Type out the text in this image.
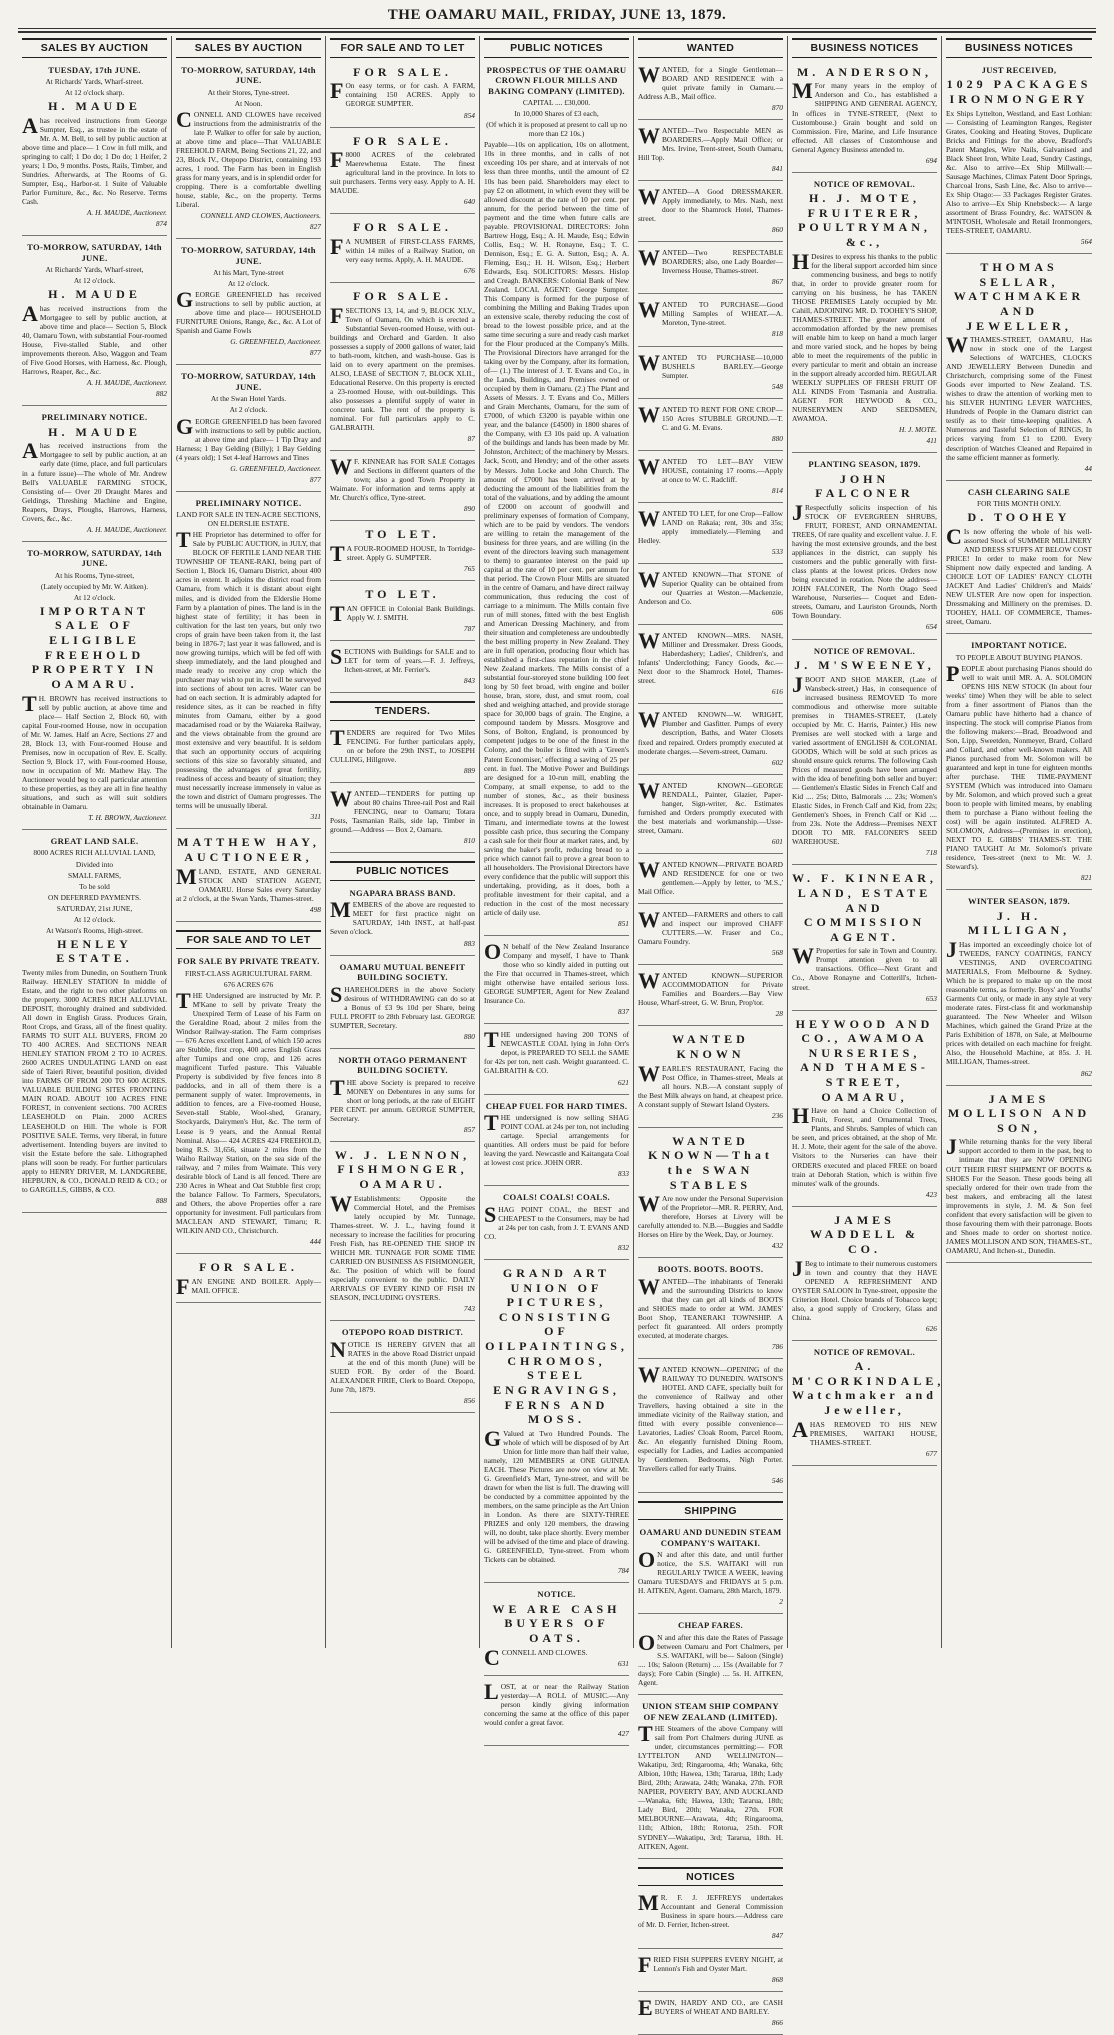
THE OAMARU MAIL, FRIDAY, JUNE 13, 1879.
SALES BY AUCTION

TUESDAY, 17th JUNE.

At Richards' Yards, Wharf-street.

At 12 o'clock sharp.

H. MAUDE

Ahas received instructions from George Sumpter, Esq., as trustee in the estate of Mr. A. M. Bell, to sell by public auction at above time and place— 1 Cow in full milk, and springing to calf; 1 Do do; 1 Do do; 1 Heifer, 2 years; 1 Do, 9 months. Posts, Rails, Timber, and Sundries. Afterwards, at The Rooms of G. Sumpter, Esq., Harbor-st. 1 Suite of Valuable Parlor Furniture, &c., &c. No Reserve. Terms Cash.

A. H. MAUDE, Auctioneer.

874

TO-MORROW, SATURDAY, 14th JUNE.

At Richards' Yards, Wharf-street,

At 12 o'clock.

H. MAUDE

Ahas received instructions from the Mortgagee to sell by public auction, at above time and place— Section 5, Block 40, Oamaru Town, with substantial Four-roomed House, Five-stalled Stable, and other improvements thereon. Also, Waggon and Team of Five Good Horses, with Harness, &c. Plough, Harrows, Reaper, &c., &c.

A. H. MAUDE, Auctioneer.

882

PRELIMINARY NOTICE.

H. MAUDE

Ahas received instructions from the Mortgagee to sell by public auction, at an early date (time, place, and full particulars in a future issue)—The whole of Mr. Andrew Bell's VALUABLE FARMING STOCK, Consisting of— Over 20 Draught Mares and Geldings, Threshing Machine and Engine, Reapers, Drays, Ploughs, Harrows, Harness, Covers, &c., &c.

A. H. MAUDE, Auctioneer.

TO-MORROW, SATURDAY, 14th JUNE.

At his Rooms, Tyne-street,

(Lately occupied by Mr. W. Aitken).

At 12 o'clock.

IMPORTANT SALE OF ELIGIBLE FREEHOLD PROPERTY IN OAMARU.

T H. BROWN has received instructions to sell by public auction, at above time and place— Half Section 2, Block 60, with capital Four-roomed House, now in occupation of Mr. W. James. Half an Acre, Sections 27 and 28, Block 13, with Four-roomed House and Premises, now in occupation of Rev. E. Scally. Section 9, Block 17, with Four-roomed House, now in occupation of Mr. Mathew Hay. The Auctioneer would beg to call particular attention to these properties, as they are all in fine healthy situations, and such as will suit soldiers obtainable in Oamaru.

T. H. BROWN, Auctioneer.

GREAT LAND SALE.

8000 ACRES RICH ALLUVIAL LAND,

Divided into

SMALL FARMS,

To be sold

ON DEFERRED PAYMENTS.

SATURDAY, 21st JUNE,

At 12 o'clock.

At Watson's Rooms, High-street.

HENLEY ESTATE.

Twenty miles from Dunedin, on Southern Trunk Railway. HENLEY STATION In middle of Estate, and the right to two other platforms on the property. 3000 ACRES RICH ALLUVIAL DEPOSIT, thoroughly drained and subdivided. All down in English Grass. Produces Grain, Root Crops, and Grass, all of the finest quality. FARMS TO SUIT ALL BUYERS, FROM 20 TO 400 ACRES. And SECTIONS NEAR HENLEY STATION FROM 2 TO 10 ACRES. 2600 ACRES UNDULATING LAND on east side of Taieri River, beautiful position, divided into FARMS OF FROM 200 TO 600 ACRES. VALUABLE BUILDING SITES FRONTING MAIN ROAD. ABOUT 100 ACRES FINE FOREST, in convenient sections. 700 ACRES LEASEHOLD on Plain. 2000 ACRES LEASEHOLD on Hill. The whole is FOR POSITIVE SALE. Terms, very liberal, in future advertisement. Intending buyers are invited to visit the Estate before the sale. Lithographed plans will soon be ready. For further particulars apply to HENRY DRIVER, M. LANDGREBE, HEPBURN, & CO., DONALD REID & CO.; or to GARGILLS, GIBBS, & CO.

888

SALES BY AUCTION

TO-MORROW, SATURDAY, 14th JUNE.

At their Stores, Tyne-street.

At Noon.

CONNELL AND CLOWES have received instructions from the administratrix of the late P. Walker to offer for sale by auction, at above time and place—That VALUABLE FREEHOLD FARM, Being Sections 21, 22, and 23, Block IV., Otepopo District, containing 193 acres, 1 rood. The Farm has been in English grass for many years, and is in splendid order for cropping. There is a comfortable dwelling house, stable, &c., on the property. Terms Liberal.

CONNELL AND CLOWES, Auctioneers.

827

TO-MORROW, SATURDAY, 14th JUNE.

At his Mart, Tyne-street

At 12 o'clock.

GEORGE GREENFIELD has received instructions to sell by public auction, at above time and place— HOUSEHOLD FURNITURE Onions, Range, &c., &c. A Lot of Spanish and Game Fowls

G. GREENFIELD, Auctioneer.

877

TO-MORROW, SATURDAY, 14th JUNE.

At the Swan Hotel Yards.

At 2 o'clock.

GEORGE GREENFIELD has been favored with instructions to sell by public auction, at above time and place— 1 Tip Dray and Harness; 1 Bay Gelding (Billy); 1 Bay Gelding (4 years old); 1 Set 4-leaf Harrows and Tines

G. GREENFIELD, Auctioneer.

877

PRELIMINARY NOTICE.

LAND FOR SALE IN TEN-ACRE SECTIONS, ON ELDERSLIE ESTATE.

THE Proprietor has determined to offer for Sale by PUBLIC AUCTION, in JULY, that BLOCK OF FERTILE LAND NEAR THE TOWNSHIP OF TEANE-RAKI, being part of Section 1, Block 16, Oamaru District, about 400 acres in extent. It adjoins the district road from Oamaru, from which it is distant about eight miles, and is divided from the Elderslie Home Farm by a plantation of pines. The land is in the highest state of fertility; it has been in cultivation for the last ten years, but only two crops of grain have been taken from it, the last being in 1876-7; last year it was fallowed, and is now growing turnips, which will be fed off with sheep immediately, and the land ploughed and made ready to receive any crop which the purchaser may wish to put in. It will be surveyed into sections of about ten acres. Water can be had on each section. It is admirably adapted for residence sites, as it can be reached in fifty minutes from Oamaru, either by a good macadamised road or by the Waiareka Railway, and the views obtainable from the ground are most extensive and very beautiful. It is seldom that such an opportunity occurs of acquiring sections of this size so favorably situated, and possessing the advantages of great fertility, readiness of access and beauty of situation; they must necessarily increase immensely in value as the town and district of Oamaru progresses. The terms will be unusually liberal.

311

MATTHEW HAY, AUCTIONEER,

MLAND, ESTATE, AND GENERAL STOCK AND STATION AGENT, OAMARU. Horse Sales every Saturday at 2 o'clock, at the Swan Yards, Thames-street.

498

FOR SALE AND TO LET

FOR SALE BY PRIVATE TREATY.

FIRST-CLASS AGRICULTURAL FARM.

676 ACRES 676

THE Undersigned are instructed by Mr. P. M'Kane to sell by private Treaty the Unexpired Term of Lease of his Farm on the Geraldine Road, about 2 miles from the Windsor Railway-station. The Farm comprises— 676 Acres excellent Land, of which 150 acres are Stubble, first crop, 400 acres English Grass after Turnips and one crop, and 126 acres magnificent Turfed pasture. This Valuable Property is subdivided by five fences into 8 paddocks, and in all of them there is a permanent supply of water. Improvements, in addition to fences, are a Five-roomed House, Seven-stall Stable, Wool-shed, Granary, Stockyards, Dairymen's Hut, &c. The term of Lease is 9 years, and the Annual Rental Nominal. Also— 424 ACRES 424 FREEHOLD, being R.S. 31,656, situate 2 miles from the Waiho Railway Station, on the sea side of the railway, and 7 miles from Waimate. This very desirable block of Land is all fenced. There are 230 Acres in Wheat and Oat Stubble first crop; the balance Fallow. To Farmers, Speculators, and Others, the above Properties offer a rare opportunity for investment. Full particulars from MACLEAN AND STEWART, Timaru; R. WILKIN AND CO., Christchurch.

444

FOR SALE.

FAN ENGINE AND BOILER. Apply— MAIL OFFICE.

FOR SALE AND TO LET

FOR SALE.

F On easy terms, or for cash. A FARM, containing 150 ACRES. Apply to GEORGE SUMPTER.

854

FOR SALE.

F 8000 ACRES of the celebrated Maerewhenua Estate. The finest agricultural land in the province. In lots to suit purchasers. Terms very easy. Apply to A. H. MAUDE.

640

FOR SALE.

F A NUMBER of FIRST-CLASS FARMS, within 14 miles of a Railway Station, on very easy terms. Apply, A. H. MAUDE.

676

FOR SALE.

FSECTIONS 13, 14, and 9, BLOCK XLV., Town of Oamaru, On which is erected a Substantial Seven-roomed House, with out-buildings and Orchard and Garden. It also possesses a supply of 2000 gallons of water, laid to bath-room, kitchen, and wash-house. Gas is laid on to every apartment on the premises. ALSO, LEASE of SECTION 7, BLOCK XLII., Educational Reserve. On this property is erected a 23-roomed House, with out-buildings. This also possesses a plentiful supply of water in concrete tank. The rent of the property is nominal. For full particulars apply to C. GALBRAITH.

87

W F. KINNEAR has FOR SALE Cottages and Sections in different quarters of the town; also a good Town Property in Waimate. For information and terms apply at Mr. Church's office, Tyne-street.

890

TO LET.

T A FOUR-ROOMED HOUSE, In Torridge-street. Apply G. SUMPTER.

765

TO LET.

TAN OFFICE in Colonial Bank Buildings. Apply W. J. SMITH.

787

SECTIONS with Buildings for SALE and to LET for term of years.—F. J. Jeffreys, Itchen-street, at Mr. Ferrier's.

843

TENDERS.

TENDERS are required for Two Miles FENCING. For further particulars apply, on or before the 29th INST., to JOSEPH CULLING, Hillgrove.

889

WANTED—TENDERS for putting up about 80 chains Three-rail Post and Rail FENCING, near to Oamaru; Totara Posts, Tasmanian Rails, side lap, Timber in ground.—Address — Box 2, Oamaru.

810

PUBLIC NOTICES

NGAPARA BRASS BAND.

MEMBERS of the above are requested to MEET for first practice night on SATURDAY, 14th INST., at half-past Seven o'clock.

883

OAMARU MUTUAL BENEFIT BUILDING SOCIETY.

SHAREHOLDERS in the above Society desirous of WITHDRAWING can do so at a Bonus of £3 9s 10d per Share, being FULL PROFIT to 28th February last. GEORGE SUMPTER, Secretary.

880

NORTH OTAGO PERMANENT BUILDING SOCIETY.

THE above Society is prepared to receive MONEY on Debentures in any sums for short or long periods, at the rate of EIGHT PER CENT. per annum. GEORGE SUMPTER, Secretary.

857

W. J. LENNON, FISHMONGER, OAMARU.

W Establishments: Opposite the Commercial Hotel, and the Premises lately occupied by Mr. Tunnage, Thames-street. W. J. L., having found it necessary to increase the facilities for procuring Fresh Fish, has RE-OPENED THE SHOP IN WHICH MR. TUNNAGE FOR SOME TIME CARRIED ON BUSINESS AS FISHMONGER, &c. The position of which will be found especially convenient to the public. DAILY ARRIVALS OF EVERY KIND OF FISH IN SEASON, INCLUDING OYSTERS.

743

OTEPOPO ROAD DISTRICT.

NOTICE IS HEREBY GIVEN that all RATES in the above Road District unpaid at the end of this month (June) will be SUED FOR. By order of the Board. ALEXANDER FIRIE, Clerk to Board. Otepopo, June 7th, 1879.

856

PUBLIC NOTICES

PROSPECTUS OF THE OAMARU CROWN FLOUR MILLS AND BAKING COMPANY (LIMITED).

CAPITAL .... £30,000.

In 10,000 Shares of £3 each,

(Of which it is proposed at present to call up no more than £2 10s.)

Payable—10s on application, 10s on allotment, 10s in three months, and in calls of not exceeding 10s per share, and at intervals of not less than three months, until the amount of £2 10s has been paid. Shareholders may elect to pay £2 on allotment, in which event they will be allowed discount at the rate of 10 per cent. per annum, for the period between the time of payment and the time when future calls are payable. PROVISIONAL DIRECTORS: John Bartrew Hogg, Esq.; A. H. Maude, Esq.; Edwin Collis, Esq.; W. H. Ronayne, Esq.; T. C. Dennison, Esq.; E. G. A. Sutton, Esq.; A. A. Fleming, Esq.; H. H. Wilson, Esq.; Herbert Edwards, Esq. SOLICITORS: Messrs. Hislop and Creagh. BANKERS: Colonial Bank of New Zealand. LOCAL AGENT: George Sumpter. This Company is formed for the purpose of combining the Milling and Baking Trades upon an extensive scale, thereby reducing the cost of bread to the lowest possible price, and at the same time securing a sure and ready cash market for the Flour produced at the Company's Mills. The Provisional Directors have arranged for the taking over by the Company, after its formation, of— (1.) The interest of J. T. Evans and Co., in the Lands, Buildings, and Premises owned or occupied by them in Oamaru. (2.) The Plant and Assets of Messrs. J. T. Evans and Co., Millers and Grain Merchants, Oamaru, for the sum of £7000, of which £3200 is payable within one year, and the balance (£4500) in 1800 shares of the Company, with £3 10s paid up. A valuation of the buildings and lands has been made by Mr. Johnston, Architect; of the machinery by Messrs. Jack, Scott, and Hendry; and of the other assets by Messrs. John Locke and John Church. The amount of £7000 has been arrived at by deducting the amount of the liabilities from the total of the valuations, and by adding the amount of £2000 on account of goodwill and preliminary expenses of formation of Company, which are to be paid by vendors. The vendors are willing to retain the management of the business for three years, and are willing (in the event of the directors leaving such management to them) to guarantee interest on the paid up capital at the rate of 10 per cent. per annum for that period. The Crown Flour Mills are situated in the centre of Oamaru, and have direct railway communication, thus reducing the cost of carriage to a minimum. The Mills contain five run of mill stones, fitted with the best English and American Dressing Machinery, and from their situation and completeness are undoubtedly the best milling property in New Zealand. They are in full operation, producing flour which has established a first-class reputation in the chief New Zealand markets. The Mills consist of a substantial four-storeyed stone building 100 feet long by 50 feet broad, with engine and boiler house, bran, store, dust, and smut room, coal shed and weighing attached, and provide storage space for 30,000 bags of grain. The Engine, a compound tandem by Messrs. Mosgrove and Sons, of Bolton, England, is pronounced by competent judges to be one of the finest in the Colony, and the boiler is fitted with a 'Green's Patent Economiser,' effecting a saving of 25 per cent. in fuel. The Motive Power and Buildings are designed for a 10-run mill, enabling the Company, at small expense, to add to the number of stones, &c., as their business increases. It is proposed to erect bakehouses at once, and to supply bread in Oamaru, Dunedin, Timaru, and intermediate towns at the lowest possible cash price, thus securing the Company a cash sale for their flour at market rates, and, by saving the baker's profit, reducing bread to a price which cannot fail to prove a great boon to all householders. The Provisional Directors have every confidence that the public will support this undertaking, providing, as it does, both a profitable investment for their capital, and a reduction in the cost of the most necessary article of daily use.

851

O N behalf of the New Zealand Insurance Company and myself, I have to Thank those who so kindly aided in putting out the Fire that occurred in Thames-street, which might otherwise have entailed serious loss. GEORGE SUMPTER, Agent for New Zealand Insurance Co.

837

THE undersigned having 200 TONS of NEWCASTLE COAL lying in John Orr's depot, is PREPARED TO SELL the SAME for 42s per ton, nett cash. Weight guaranteed. C. GALBRAITH & CO.

621

CHEAP FUEL FOR HARD TIMES.

THE undersigned is now selling SHAG POINT COAL at 24s per ton, not including cartage. Special arrangements for quantities. All orders must be paid for before leaving the yard. Newcastle and Kaitangata Coal at lowest cost price. JOHN ORR.

833

COALS! COALS! COALS.

SHAG POINT COAL, the BEST and CHEAPEST to the Consumers, may be had at 24s per ton cash, from J. T. EVANS AND CO.

832

GRAND ART UNION OF PICTURES, CONSISTING OF OILPAINTINGS, CHROMOS, STEEL ENGRAVINGS, FERNS AND MOSS.

G Valued at Two Hundred Pounds. The whole of which will be disposed of by Art Union for little more than half their value, namely, 120 MEMBERS at ONE GUINEA EACH. These Pictures are now on view at Mr. G. Greenfield's Mart, Tyne-street, and will be drawn for when the list is full. The drawing will be conducted by a committee appointed by the members, on the same principle as the Art Union in London. As there are SIXTY-THREE PRIZES and only 120 members, the drawing will, no doubt, take place shortly. Every member will be advised of the time and place of drawing. G. GREENFIELD, Tyne-street. From whom Tickets can be obtained.

784

NOTICE.

WE ARE CASH BUYERS OF OATS.

CCONNELL AND CLOWES.

631

LOST, at or near the Railway Station yesterday—A ROLL of MUSIC.—Any person kindly giving information concerning the same at the office of this paper would confer a great favor.

427

WANTED

WANTED, for a Single Gentleman—BOARD AND RESIDENCE with a quiet private family in Oamaru.—Address A.B., Mail office.

870

WANTED—Two Respectable MEN as BOARDERS.—Apply Mail Office; or Mrs. Irvine, Trent-street, South Oamaru, Hill Top.

841

WANTED—A Good DRESSMAKER. Apply immediately, to Mrs. Nash, next door to the Shamrock Hotel, Thames-street.

860

WANTED—Two RESPECTABLE BOARDERS; also, one Lady Boarder—Inverness House, Thames-street.

867

WANTED TO PURCHASE—Good Milling Samples of WHEAT.—A. Moreton, Tyne-street.

818

WANTED TO PURCHASE—10,000 BUSHELS BARLEY.—George Sumpter.

548

WANTED TO RENT FOR ONE CROP—150 Acres STUBBLE GROUND.—T. C. and G. M. Evans.

880

WANTED TO LET—BAY VIEW HOUSE, containing 17 rooms.—Apply at once to W. C. Radcliff.

814

WANTED TO LET, for one Crop—Fallow LAND on Rakaia; rent, 30s and 35s; apply immediately.—Fleming and Hedley.

533

WANTED KNOWN—That STONE of Superior Quality can be obtained from our Quarries at Weston.—Mackenzie, Anderson and Co.

606

WANTED KNOWN—MRS. NASH, Milliner and Dressmaker. Dress Goods, Haberdashery; Ladies', Children's, and Infants' Underclothing; Fancy Goods, &c.—Next door to the Shamrock Hotel, Thames-street.

616

WANTED KNOWN—W. WRIGHT, Plumber and Gasfitter. Pumps of every description, Baths, and Water Closets fixed and repaired. Orders promptly executed at moderate charges.—Severn-street, Oamaru.

602

WANTED KNOWN—GEORGE RENDALL, Painter, Glazier, Paper-hanger, Sign-writer, &c. Estimates furnished and Orders promptly executed with the best materials and workmanship.—Usse-street, Oamaru.

601

WANTED KNOWN—PRIVATE BOARD AND RESIDENCE for one or two gentlemen.—Apply by letter, to 'M.S.,' Mail Office.

WANTED—FARMERS and others to call and inspect our improved CHAFF CUTTERS.—W. Fraser and Co., Oamaru Foundry.

568

WANTED KNOWN—SUPERIOR ACCOMMODATION for Private Families and Boarders.—Bay View House, Wharf-street, G. W. Brun, Prop'tor.

28

WANTED KNOWN

WEARLE'S RESTAURANT, Facing the Post Office, in Thames-street, Meals at all hours. N.B.—A constant supply of the Best Milk always on hand, at cheapest price. A constant supply of Stewart Island Oysters.

236

WANTED KNOWN—That the SWAN STABLES

W Are now under the Personal Supervision of the Proprietor—MR. R. PERRY, And, therefore, Horses at Livery will be carefully attended to. N.B.—Buggies and Saddle Horses on Hire by the Week, Day, or Journey.

432

BOOTS. BOOTS. BOOTS.

WANTED—The inhabitants of Teneraki and the surrounding Districts to know that they can get all kinds of BOOTS and SHOES made to order at WM. JAMES' Boot Shop, TEANERAKI TOWNSHIP. A perfect fit guaranteed. All orders promptly executed, at moderate charges.

786

WANTED KNOWN—OPENING of the RAILWAY TO DUNEDIN. WATSON'S HOTEL AND CAFE, specially built for the convenience of Railway and other Travellers, having obtained a site in the immediate vicinity of the Railway station, and fitted with every possible convenience—Lavatories, Ladies' Cloak Room, Parcel Room, &c. An elegantly furnished Dining Room, especially for Ladies, and Ladies accompanied by Gentlemen. Bedrooms, Nigh Porter. Travellers called for early Trains.

546

SHIPPING

OAMARU AND DUNEDIN STEAM COMPANY'S WAITAKI.

O N and after this date, and until further notice, the S.S. WAITAKI will run REGULARLY TWICE A WEEK, leaving Oamaru TUESDAYS and FRIDAYS at 5 p.m. H. AITKEN, Agent. Oamaru, 28th March, 1879.

2

CHEAP FARES.

O N and after this date the Rates of Passage between Oamaru and Port Chalmers, per S.S. WAITAKI, will be— Saloon (Single) .... 10s; Saloon (Return) .... 15s (Available for 7 days); Fore Cabin (Single) .... 5s. H. AITKEN, Agent.

UNION STEAM SHIP COMPANY OF NEW ZEALAND (LIMITED).

THE Steamers of the above Company will sail from Port Chalmers during JUNE as under, circumstances permitting:— FOR LYTTELTON AND WELLINGTON—Wakatipu, 3rd; Ringarooma, 4th; Wanaka, 6th; Albion, 10th; Hawea, 13th; Tararua, 18th; Lady Bird, 20th; Arawata, 24th; Wanaka, 27th. FOR NAPIER, POVERTY BAY, AND AUCKLAND—Wanaka, 6th; Hawea, 13th; Tararua, 18th; Lady Bird, 20th; Wanaka, 27th. FOR MELBOURNE—Arawata, 4th; Ringarooma, 11th; Albion, 18th; Rotorua, 25th. FOR SYDNEY—Wakatipu, 3rd; Tararua, 18th. H. AITKEN, Agent.

NOTICES

M R. F. J. JEFFREYS undertakes Accountant and General Commission Business in spare hours.—Address care of Mr. D. Ferrier, Itchen-street.

847

FRIED FISH SUPPERS EVERY NIGHT, at Lennon's Fish and Oyster Mart.

868

EDWIN, HARDY AND CO., are CASH BUYERS of WHEAT AND BARLEY.

866

BUSINESS NOTICES

M. ANDERSON,

M For many years in the employ of Anderson and Co., has established a SHIPPING AND GENERAL AGENCY, In offices in TYNE-STREET, (Next to Custombouse.) Grain bought and sold on Commission. Fire, Marine, and Life Insurance effected. All classes of Customhouse and General Agency Business attended to.

694

NOTICE OF REMOVAL.

H. J. MOTE, FRUITERER, POULTRYMAN, &c.,

H Desires to express his thanks to the public for the liberal support accorded him since commencing business, and begs to notify that, in order to provide greater room for carrying on his business, he has TAKEN THOSE PREMISES Lately occupied by Mr. Cahill, ADJOINING MR. D. TOOHEY'S SHOP, THAMES-STREET. The greater amount of accommodation afforded by the new premises will enable him to keep on hand a much larger and more varied stock, and he hopes by being able to meet the requirements of the public in every particular to merit and obtain an increase in the support already accorded him. REGULAR WEEKLY SUPPLIES OF FRESH FRUIT OF ALL KINDS From Tasmania and Australia. AGENT FOR HEYWOOD & CO., NURSERYMEN AND SEEDSMEN, AWAMOA.

H. J. MOTE.

411

PLANTING SEASON, 1879.

JOHN FALCONER

J Respectfully solicits inspection of his STOCK OF EVERGREEN SHRUBS, FRUIT, FOREST, AND ORNAMENTAL TREES, Of rare quality and excellent value. J. F. having the most extensive grounds, and the best appliances in the district, can supply his customers and the public generally with first-class plants at the lowest prices. Orders now being executed in rotation. Note the address— JOHN FALCONER, The North Otago Seed Warehouse, Nurseries— Coquet and Eden-streets, Oamaru, and Lauriston Grounds, North Town Boundary.

654

NOTICE OF REMOVAL.

J. M'SWEENEY,

JBOOT AND SHOE MAKER, (Late of Wansbeck-street,) Has, in consequence of increased business REMOVED To more commodious and otherwise more suitable premises in THAMES-STREET, (Lately occupied by Mr. C. Harris, Painter.) His new Premises are well stocked with a large and varied assortment of ENGLISH & COLONIAL GOODS, Which will be sold at such prices as should ensure quick returns. The following Cash Prices of measured goods have been arranged with the idea of benefiting both seller and buyer:— Gentlemen's Elastic Sides in French Calf and Kid .... 25s; Ditto, Balmorals .... 23s; Women's Elastic Sides, in French Calf and Kid, from 22s; Gentlemen's Shoes, in French Calf or Kid .... from 23s. Note the Address—Premises NEXT DOOR TO MR. FALCONER'S SEED WAREHOUSE.

718

W. F. KINNEAR, LAND, ESTATE AND COMMISSION AGENT.

W Properties for sale in Town and Country. Prompt attention given to all transactions. Office—Next Grant and Co., Above Ronayne and Cotterill's, Itchen-street.

653

HEYWOOD AND CO., AWAMOA NURSERIES, AND THAMES-STREET, OAMARU,

H Have on hand a Choice Collection of Fruit, Forest, and Ornamental Trees, Plants, and Shrubs. Samples of which can be seen, and prices obtained, at the shop of Mr. H. J. Mote, their agent for the sale of the above. Visitors to the Nurseries can have their ORDERS executed and placed FREE on board train at Deborah Station, which is within five minutes' walk of the grounds.

423

JAMES WADDELL & CO.

J Beg to intimate to their numerous customers in town and country that they HAVE OPENED A REFRESHMENT AND OYSTER SALOON In Tyne-street, opposite the Criterion Hotel. Choice brands of Tobacco kept; also, a good supply of Crockery, Glass and China.

626

NOTICE OF REMOVAL.

A. M'CORKINDALE, Watchmaker and Jeweller,

AHAS REMOVED TO HIS NEW PREMISES, WAITAKI HOUSE, THAMES-STREET.

677

BUSINESS NOTICES

JUST RECEIVED,

1029 PACKAGES IRONMONGERY

Ex Ships Lyttelton, Westland, and East Lothian:— Consisting of Leamington Ranges, Register Grates, Cooking and Heating Stoves, Duplicate Bricks and Fittings for the above, Bradford's Patent Mangles, Wire Nails, Galvanised and Black Sheet Iron, White Lead, Sundry Castings, &c. Also to arrive—Ex Ship Millwall:— Sausage Machines, Climax Patent Door Springs, Charcoal Irons, Sash Line, &c. Also to arrive—Ex Ship Otago:— 33 Packages Register Grates. Also to arrive—Ex Ship Knebsbeck:— A large assortment of Brass Foundry, &c. WATSON & M'INTOSH, Wholesale and Retail Ironmongers, TEES-STREET, OAMARU.

564

THOMAS SELLAR, WATCHMAKER AND JEWELLER,

WTHAMES-STREET, OAMARU, Has now in stock one of the Largest Selections of WATCHES, CLOCKS AND JEWELLERY Between Dunedin and Christchurch, comprising some of the Finest Goods ever imported to New Zealand. T.S. wishes to draw the attention of working men to his SILVER HUNTING LEVER WATCHES, Hundreds of People in the Oamaru district can testify as to their time-keeping qualities. A Numerous and Tasteful Selection of RINGS, In prices varying from £1 to £200. Every description of Watches Cleaned and Repaired in the same efficient manner as formerly.

44

CASH CLEARING SALE

FOR THIS MONTH ONLY.

D. TOOHEY

C Is now offering the whole of his well-assorted Stock of SUMMER MILLINERY AND DRESS STUFFS AT BELOW COST PRICE! In order to make room for New Shipment now daily expected and landing. A CHOICE LOT OF LADIES' FANCY CLOTH JACKET And Ladies' Children's and Maids' NEW ULSTER Are now open for inspection. Dressmaking and Millinery on the premises. D. TOOHEY, HALL OF COMMERCE, Thames-street, Oamaru.

IMPORTANT NOTICE.

TO PEOPLE ABOUT BUYING PIANOS.

PEOPLE about purchasing Pianos should do well to wait until MR. A. A. SOLOMON OPENS HIS NEW STOCK (In about four weeks' time) When they will be able to select from a finer assortment of Pianos than the Oamaru public have hitherto had a chance of inspecting. The stock will comprise Pianos from the following makers:—Brad, Broadwood and Son, Lipp, Sweetden, Nonmeyer, Brard, Collard and Collard, and other well-known makers. All Pianos purchased from Mr. Solomon will be guaranteed and kept in tune for eighteen months after purchase. THE TIME-PAYMENT SYSTEM (Which was introduced into Oamaru by Mr. Solomon, and which proved such a great boon to people with limited means, by enabling them to purchase a Piano without feeling the cost) will be again instituted. ALFRED A. SOLOMON, Address—(Premises in erection), NEXT TO E. GIBBS' THAMES-ST. THE PIANO TAUGHT At Mr. Solomon's private residence, Tees-street (next to Mr. W. J. Steward's).

821

WINTER SEASON, 1879.

J. H. MILLIGAN,

J Has imported an exceedingly choice lot of TWEEDS, FANCY COATINGS, FANCY VESTINGS, AND OVERCOATING MATERIALS, From Melbourne & Sydney. Which he is prepared to make up on the most reasonable terms, as formerly. Boys' and Youths' Garments Cut only, or made in any style at very moderate rates. First-class fit and workmanship guaranteed. The New Wheeler and Wilson Machines, which gained the Grand Prize at the Paris Exhibition of 1878, on Sale, at Melbourne prices with detailed on each machine for freight. Also, the Household Machine, at 85s. J. H. MILLIGAN, Thames-street.

862

JAMES MOLLISON AND SON,

J While returning thanks for the very liberal support accorded to them in the past, beg to intimate that they are NOW OPENING OUT THEIR FIRST SHIPMENT OF BOOTS & SHOES For the Season. These goods being all specially ordered for their own trade from the best makers, and embracing all the latest improvements in style, J. M. & Son feel confident that every satisfaction will be given to those favouring them with their patronage. Boots and Shoes made to order on shortest notice. JAMES MOLLISON AND SON, THAMES-ST., OAMARU, And Itchen-st., Dunedin.
